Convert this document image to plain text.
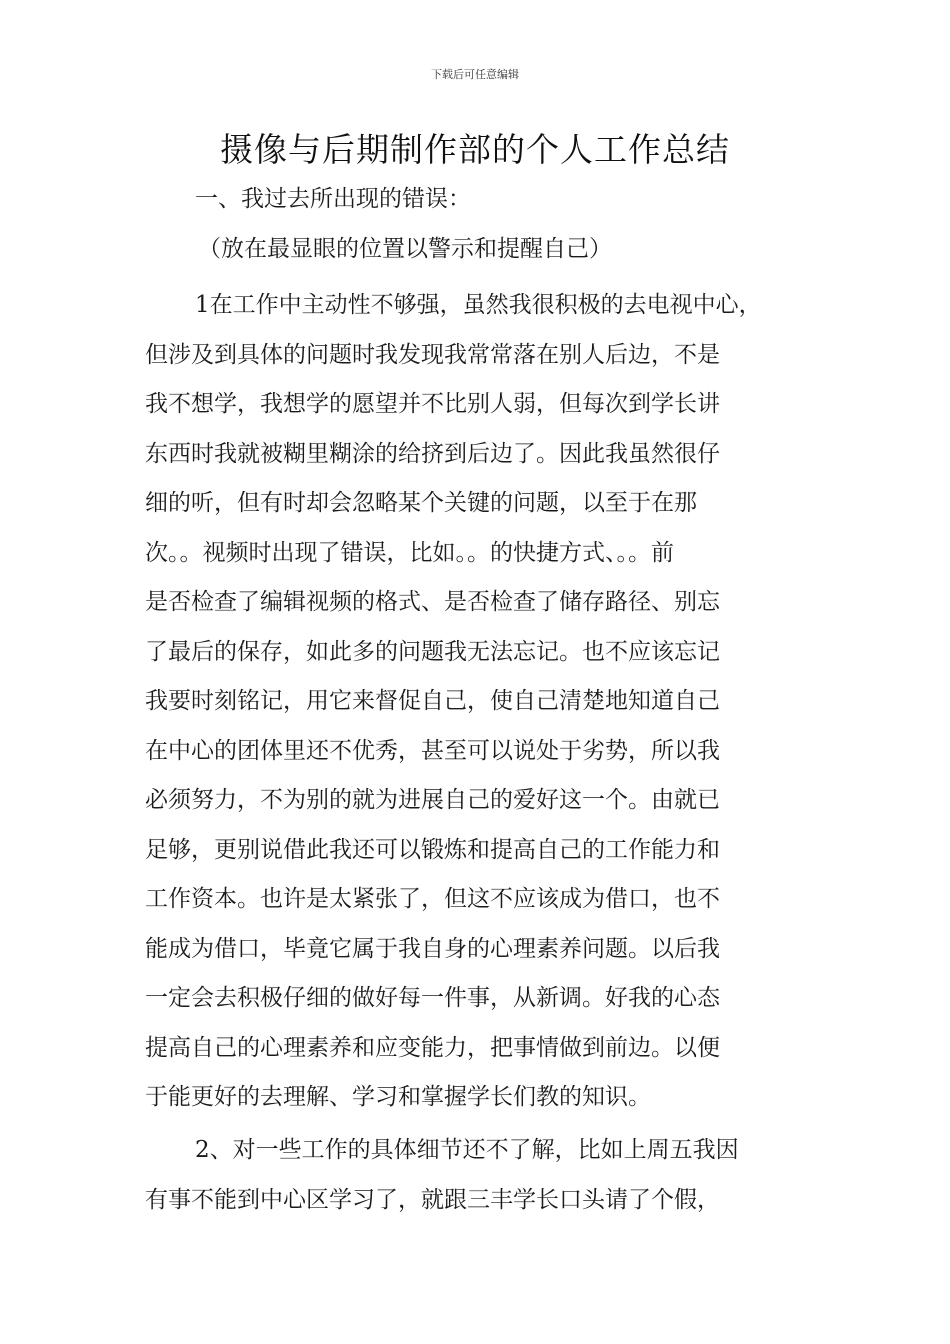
下载后可任意编辑
摄像与后期制作部的个人工作总结
一、我过去所出现的错误：
（放在最显眼的位置以警示和提醒自己）
1在工作中主动性不够强，虽然我很积极的去电视中心，
但涉及到具体的问题时我发现我常常落在别人后边，不是
我不想学，我想学的愿望并不比别人弱，但每次到学长讲
东西时我就被糊里糊涂的给挤到后边了。因此我虽然很仔
细的听，但有时却会忽略某个关键的问题，以至于在那
次。。视频时出现了错误，比如。。的快捷方式、。。前
是否检查了编辑视频的格式、是否检查了储存路径、别忘
了最后的保存，如此多的问题我无法忘记。也不应该忘记
我要时刻铭记，用它来督促自己，使自己清楚地知道自己
在中心的团体里还不优秀，甚至可以说处于劣势，所以我
必须努力，不为别的就为进展自己的爱好这一个。由就已
足够，更别说借此我还可以锻炼和提高自己的工作能力和
工作资本。也许是太紧张了，但这不应该成为借口，也不
能成为借口，毕竟它属于我自身的心理素养问题。以后我
一定会去积极仔细的做好每一件事，从新调。好我的心态
提高自己的心理素养和应变能力，把事情做到前边。以便
于能更好的去理解、学习和掌握学长们教的知识。
2、对一些工作的具体细节还不了解，比如上周五我因
有事不能到中心区学习了，就跟三丰学长口头请了个假，
